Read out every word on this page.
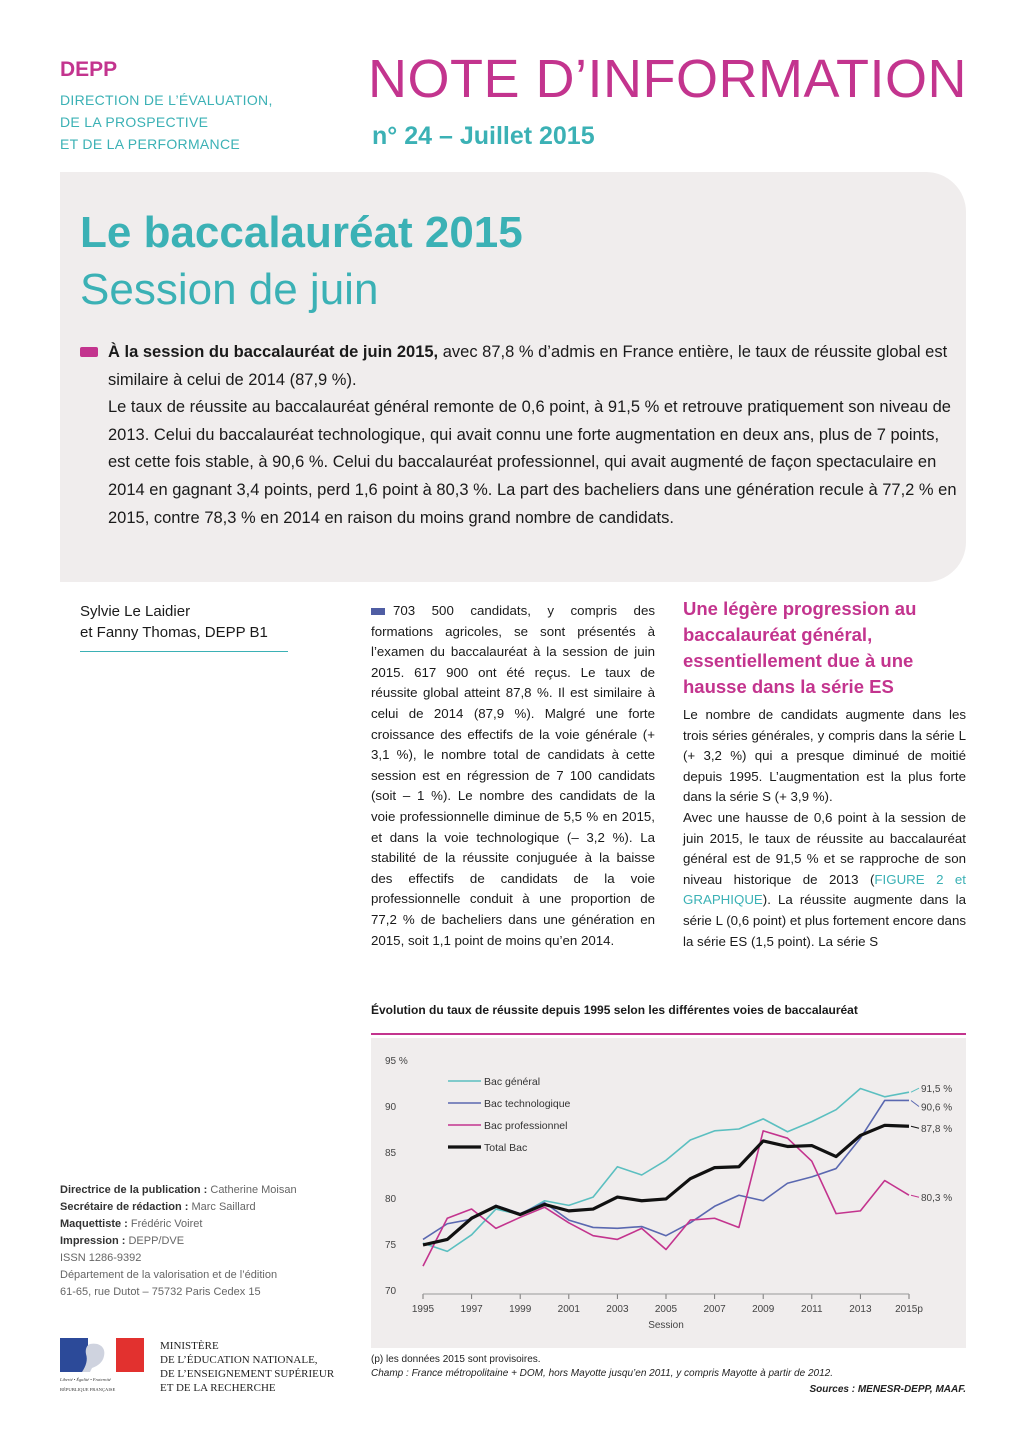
DEPP
DIRECTION DE L’ÉVALUATION,
DE LA PROSPECTIVE
ET DE LA PERFORMANCE
NOTE D’INFORMATION
n° 24 – Juillet 2015
Le baccalauréat 2015
Session de juin
À la session du baccalauréat de juin 2015, avec 87,8 % d’admis en France entière, le taux de réussite global est similaire à celui de 2014 (87,9 %).
Le taux de réussite au baccalauréat général remonte de 0,6 point, à 91,5 % et retrouve pratiquement son niveau de 2013. Celui du baccalauréat technologique, qui avait connu une forte augmentation en deux ans, plus de 7 points, est cette fois stable, à 90,6 %. Celui du baccalauréat professionnel, qui avait augmenté de façon spectaculaire en 2014 en gagnant 3,4 points, perd 1,6 point à 80,3 %. La part des bacheliers dans une génération recule à 77,2 % en 2015, contre 78,3 % en 2014 en raison du moins grand nombre de candidats.
Sylvie Le Laidier
et Fanny Thomas, DEPP B1
703 500 candidats, y compris des formations agricoles, se sont présentés à l’examen du baccalauréat à la session de juin 2015. 617 900 ont été reçus. Le taux de réussite global atteint 87,8 %. Il est similaire à celui de 2014 (87,9 %). Malgré une forte croissance des effectifs de la voie générale (+ 3,1 %), le nombre total de candidats à cette session est en régression de 7 100 candidats (soit – 1 %). Le nombre des candidats de la voie professionnelle diminue de 5,5 % en 2015, et dans la voie technologique (– 3,2 %). La stabilité de la réussite conjuguée à la baisse des effectifs de candidats de la voie professionnelle conduit à une proportion de 77,2 % de bacheliers dans une génération en 2015, soit 1,1 point de moins qu’en 2014.
Une légère progression au baccalauréat général, essentiellement due à une hausse dans la série ES
Le nombre de candidats augmente dans les trois séries générales, y compris dans la série L (+ 3,2 %) qui a presque diminué de moitié depuis 1995. L’augmentation est la plus forte dans la série S (+ 3,9 %).
Avec une hausse de 0,6 point à la session de juin 2015, le taux de réussite au baccalauréat général est de 91,5 % et se rapproche de son niveau historique de 2013 (FIGURE 2 et GRAPHIQUE). La réussite augmente dans la série L (0,6 point) et plus fortement encore dans la série ES (1,5 point). La série S
Évolution du taux de réussite depuis 1995 selon les différentes voies de baccalauréat
95 %
90
85
80
75
70
1995	1997	1999	2001	2003	2005	2007	2009	2011	2013 2015p
Session
91,5 %
90,6 %
80,3 %
87,8 %
Bac général
Bac technologique
Bac professionnel
Total Bac
(p) les données 2015 sont provisoires.
Champ : France métropolitaine + DOM, hors Mayotte jusqu’en 2011, y compris Mayotte à partir de 2012.
Sources : MENESR-DEPP, MAAF.
Directrice de la publication : Catherine Moisan
Secrétaire de rédaction : Marc Saillard
Maquettiste : Frédéric Voiret
Impression : DEPP/DVE
ISSN 1286-9392
Département de la valorisation et de l’édition
61-65, rue Dutot – 75732 Paris Cedex 15
Liberté • Égalité • Fraternité
RÉPUBLIQUE FRANÇAISE
MINISTÈRE
DE L’ÉDUCATION NATIONALE,
DE L’ENSEIGNEMENT SUPÉRIEUR
ET DE LA RECHERCHE
